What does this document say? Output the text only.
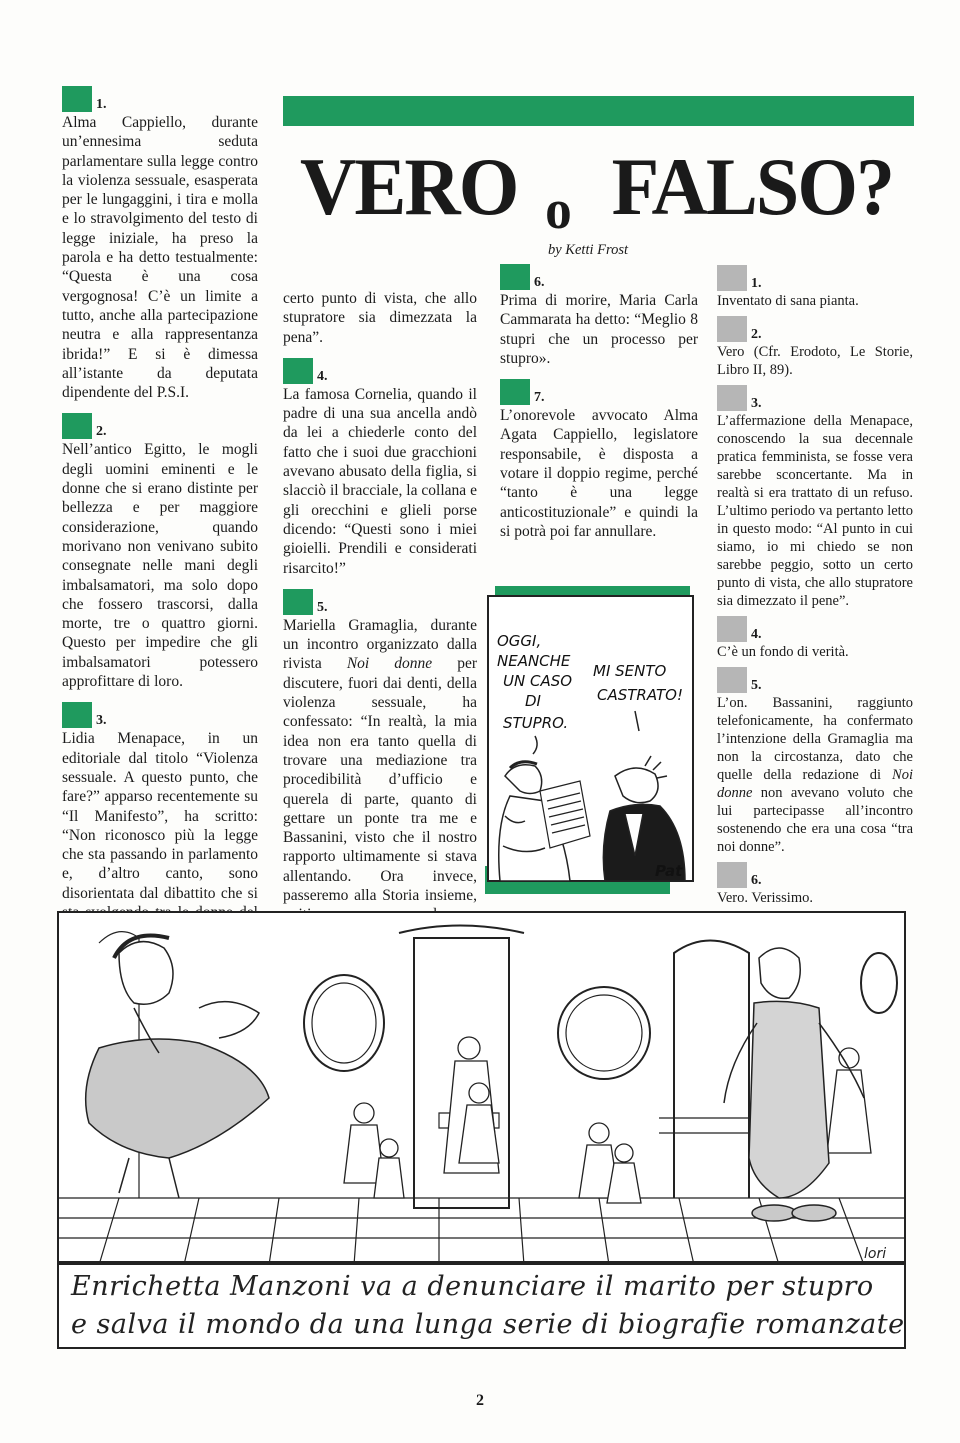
1.
Alma Cappiello, durante un’ennesima seduta parlamentare sulla legge contro la violenza sessuale, esasperata per le lungaggini, i tira e molla e lo stravolgimento del testo di legge iniziale, ha preso la parola e ha detto testualmente: “Questa è una cosa vergognosa! C’è un limite a tutto, anche alla partecipazione neutra e alla rappresentanza ibrida!” E si è dimessa all’istante da deputata dipendente del P.S.I.
2.
Nell’antico Egitto, le mogli degli uomini eminenti e le donne che si erano distinte per bellezza e per maggiore considerazione, quando morivano non venivano subito consegnate nelle mani degli imbalsamatori, ma solo dopo che fossero trascorsi, dalla morte, tre o quattro giorni. Questo per impedire che gli imbalsamatori potessero approfittare di loro.
3.
Lidia Menapace, in un editoriale dal titolo “Violenza sessuale. A questo punto, che fare?” apparso recentemente su “Il Manifesto”, ha scritto: “Non riconosco più la legge che sta passando in parlamento e, d’altro canto, sono disorientata dal dibattito che si
VERO o FALSO?
by Ketti Frost
certo punto di vista, che allo stupratore sia dimezzata la pena”.
4.
La famosa Cornelia, quando il padre di una sua ancella andò da lei a chiederle conto del fatto che i suoi due gracchioni avevano abusato della figlia, si slacciò il bracciale, la collana e gli orecchini e glieli porse dicendo: “Questi sono i miei gioielli. Prendili e considerati risarcito!”
5.
Mariella Gramaglia, durante un incontro organizzato dalla rivista Noi donne per discutere, fuori dai denti, della violenza sessuale, ha confessato: “In realtà, la mia idea non era tanto quella di trovare una mediazione tra procedibilità d’ufficio e querela di parte, quanto di gettare un ponte tra me e Bassanini, visto che il nostro rapporto ultimamente si stava allentando. Ora invece, passeremo alla Storia insieme,
6.
Prima di morire, Maria Carla Cammarata ha detto: “Meglio 8 stupri che un processo per stupro».
7.
L’onorevole avvocato Alma Agata Cappiello, legislatore responsabile, è disposta a votare il doppio regime, perché “tanto è una legge anticostituzionale” e quindi la si potrà poi far annullare.
1.
Inventato di sana pianta.
2.
Vero (Cfr. Erodoto, Le Storie, Libro II, 89).
3.
L’affermazione della Menapace, conoscendo la sua decennale pratica femminista, se fosse vera sarebbe sconcertante. Ma in realtà si era trattato di un refuso. L’ultimo periodo va pertanto letto in questo modo: “Al punto in cui siamo, io mi chiedo se non sarebbe peggio, sotto un certo punto di vista, che allo stupratore sia dimezzato il pene”.
4.
C’è un fondo di verità.
5.
L’on. Bassanini, raggiunto telefonicamente, ha confermato l’intenzione della Gramaglia ma non la circostanza, dato che quelle della redazione di Noi donne non avevano voluto che lui partecipasse all’incontro sostenendo che era una cosa “tra noi donne”.
6.
Vero. Verissimo.
OGGI,
NEANCHE
UN CASO
DI
STUPRO.
MI SENTO
CASTRATO!
Pat
lori
Enrichetta Manzoni va a denunciare il marito per stupro
e salva il mondo da una lunga serie di biografie romanzate
2
